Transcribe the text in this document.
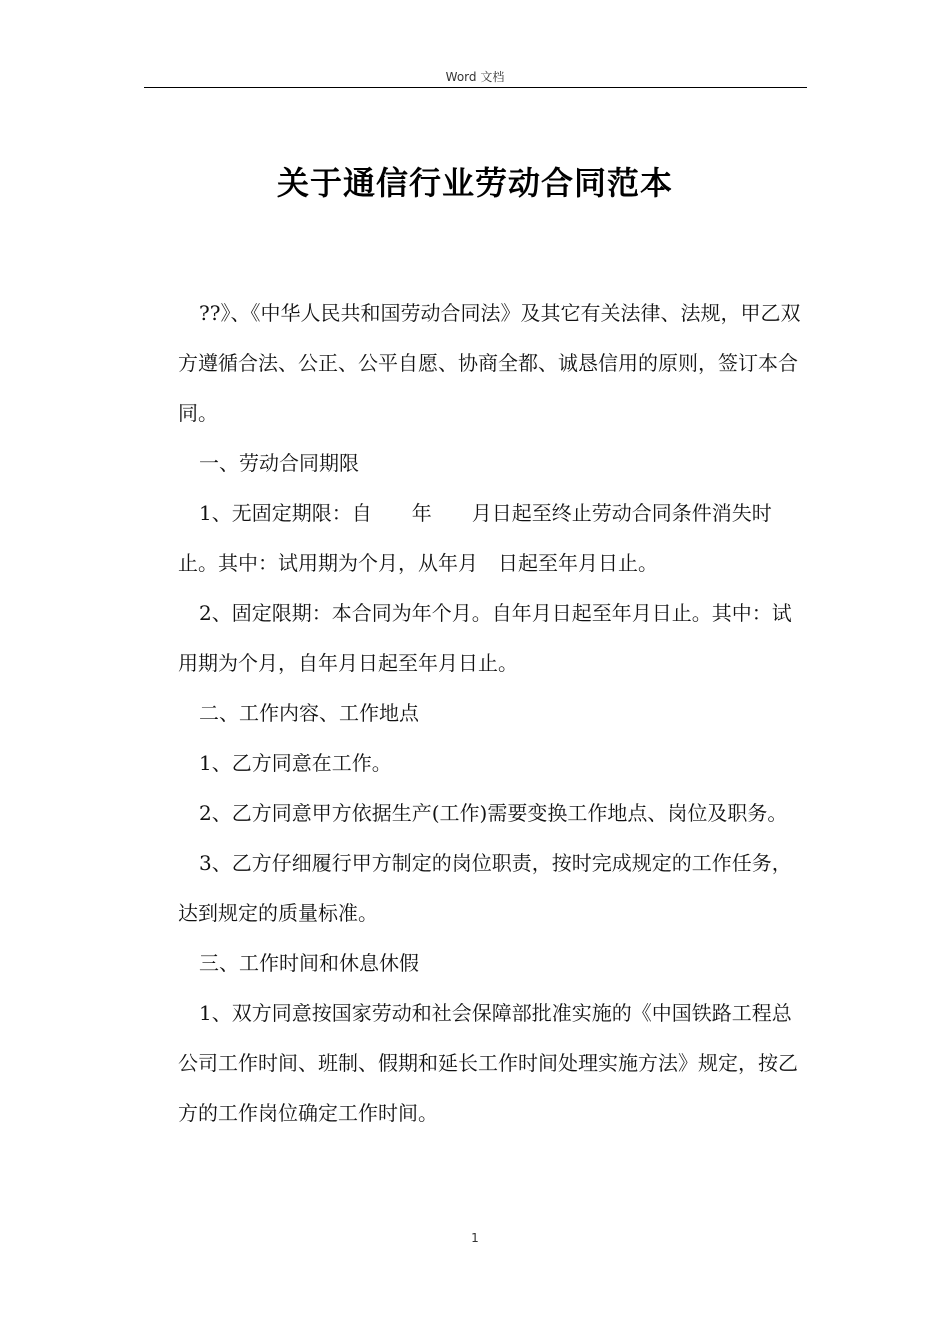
Word 文档
关于通信行业劳动合同范本

??》、《中华人民共和国劳动合同法》及其它有关法律、法规，甲乙双方遵循合法、公正、公平自愿、协商全都、诚恳信用的原则，签订本合同。

一、劳动合同期限

1、无固定期限：自　　年　　月日起至终止劳动合同条件消失时止。其中：试用期为个月，从年月　日起至年月日止。

2、固定限期：本合同为年个月。自年月日起至年月日止。其中：试用期为个月，自年月日起至年月日止。

二、工作内容、工作地点

1、乙方同意在工作。

2、乙方同意甲方依据生产(工作)需要变换工作地点、岗位及职务。

3、乙方仔细履行甲方制定的岗位职责，按时完成规定的工作任务，达到规定的质量标准。

三、工作时间和休息休假

1、双方同意按国家劳动和社会保障部批准实施的《中国铁路工程总公司工作时间、班制、假期和延长工作时间处理实施方法》规定，按乙方的工作岗位确定工作时间。

1
